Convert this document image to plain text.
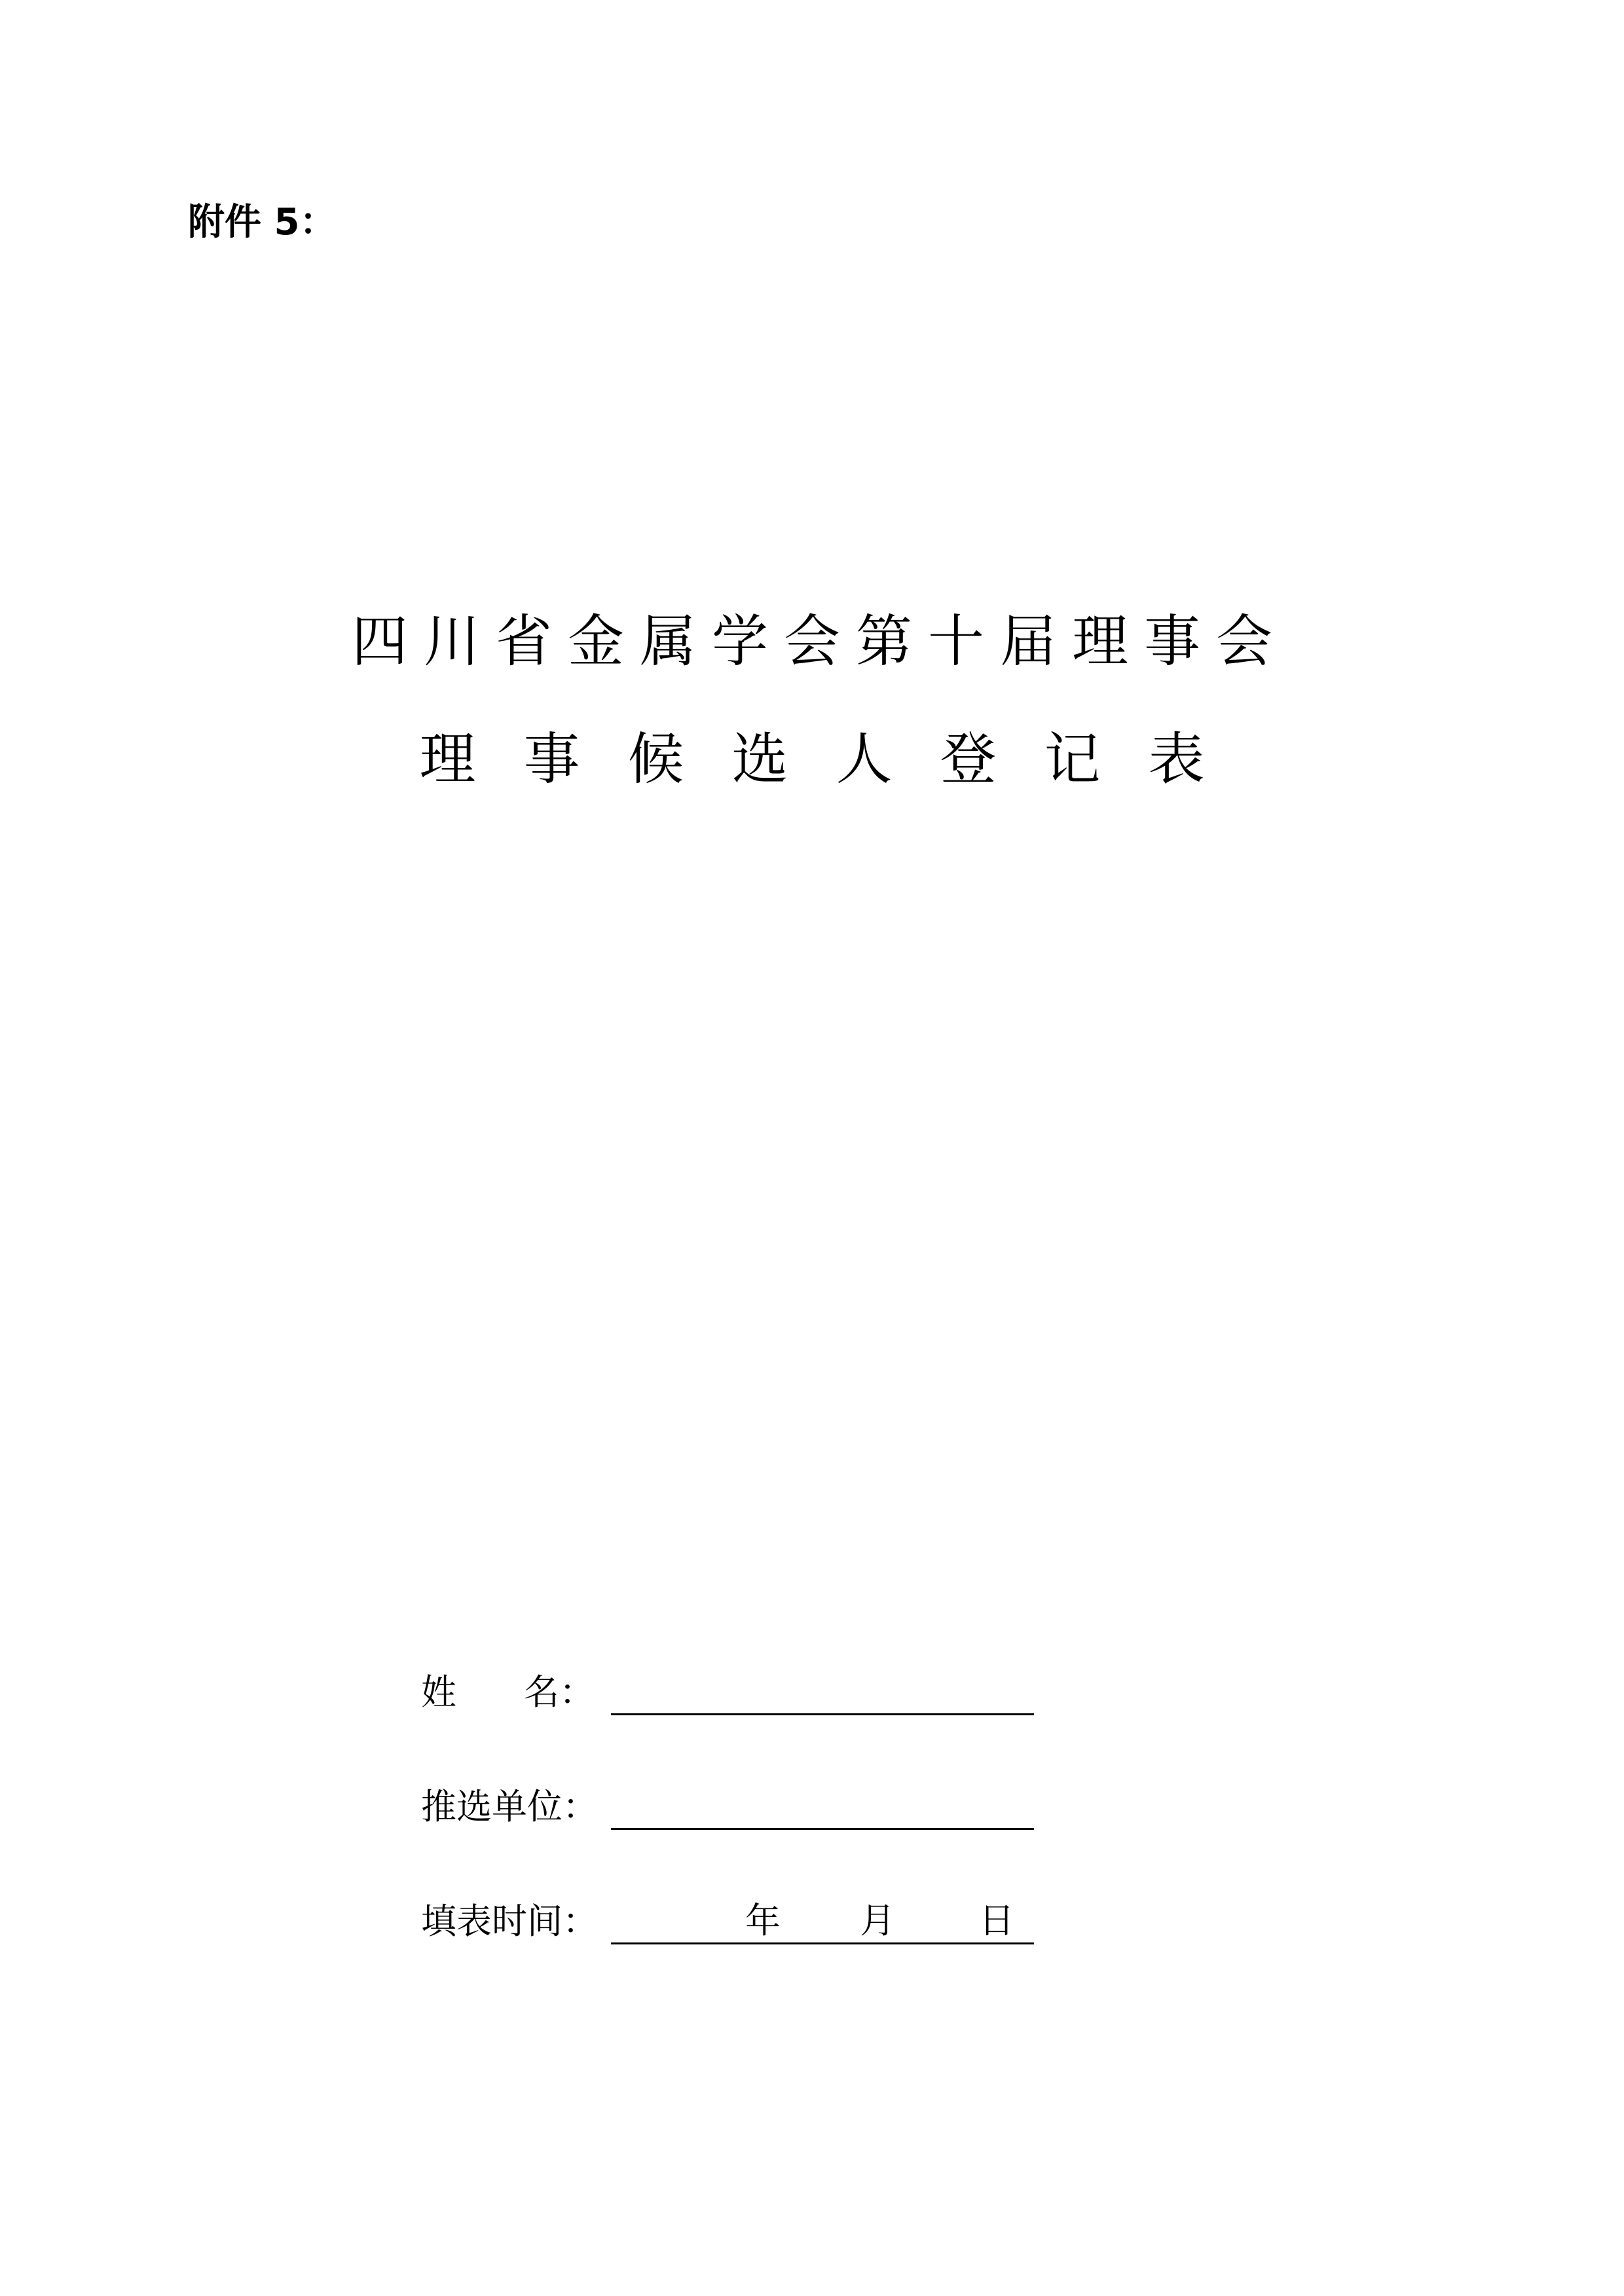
附件 5：
四川省金属学会第十届理事会
理事候选人登记表
姓      名：
推选单位：
填表时间：	年 月 日
